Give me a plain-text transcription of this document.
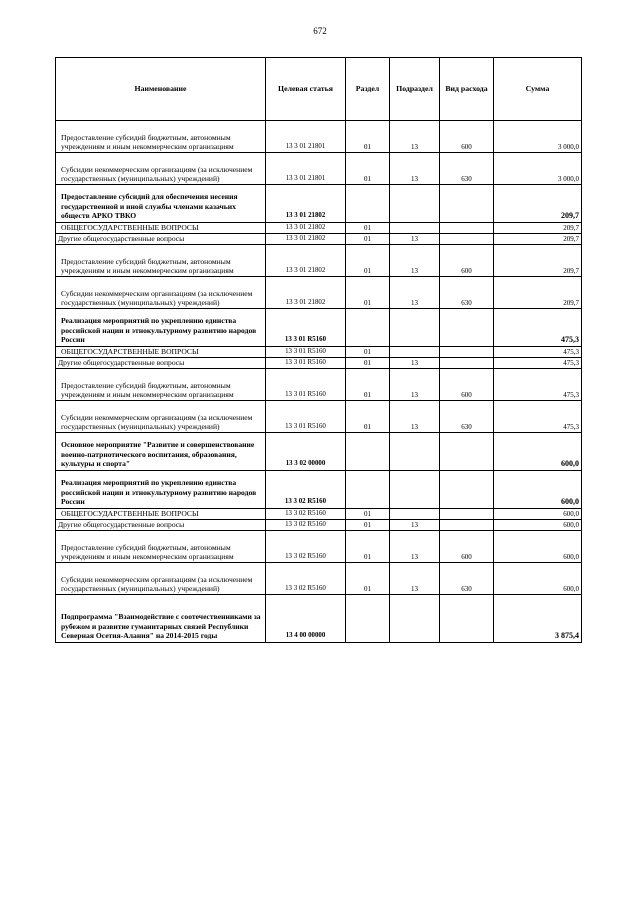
672
Наименование	Целевая статья	Раздел	Подраздел	Вид расхода	Сумма
Предоставление субсидий бюджетным, автономным учреждениям и иным некоммерческим организациям	13 3 01 21801	01	13	600	3 000,0
Субсидии некоммерческим организациям (за исключением государственных (муниципальных) учреждений)	13 3 01 21801	01	13	630	3 000,0
Предоставление субсидий для обеспечения несения государственной и иной службы членами казачьих обществ АРКО ТВКО	13 3 01 21802				209,7
ОБЩЕГОСУДАРСТВЕННЫЕ ВОПРОСЫ	13 3 01 21802	01			209,7
Другие общегосударственные вопросы	13 3 01 21802	01	13		209,7
Предоставление субсидий бюджетным, автономным учреждениям и иным некоммерческим организациям	13 3 01 21802	01	13	600	209,7
Субсидии некоммерческим организациям (за исключением государственных (муниципальных) учреждений)	13 3 01 21802	01	13	630	209,7
Реализация мероприятий по укреплению единства российской нации и этнокультурному развитию народов России	13 3 01 R5160				475,3
ОБЩЕГОСУДАРСТВЕННЫЕ ВОПРОСЫ	13 3 01 R5160	01			475,3
Другие общегосударственные вопросы	13 3 01 R5160	01	13		475,3
Предоставление субсидий бюджетным, автономным учреждениям и иным некоммерческим организациям	13 3 01 R5160	01	13	600	475,3
Субсидии некоммерческим организациям (за исключением государственных (муниципальных) учреждений)	13 3 01 R5160	01	13	630	475,3
Основное мероприятие "Развитие и совершенствование военно-патриотического воспитания, образования, культуры и спорта"	13 3 02 00000				600,0
Реализация мероприятий по укреплению единства российской нации и этнокультурному развитию народов России	13 3 02 R5160				600,0
ОБЩЕГОСУДАРСТВЕННЫЕ ВОПРОСЫ	13 3 02 R5160	01			600,0
Другие общегосударственные вопросы	13 3 02 R5160	01	13		600,0
Предоставление субсидий бюджетным, автономным учреждениям и иным некоммерческим организациям	13 3 02 R5160	01	13	600	600,0
Субсидии некоммерческим организациям (за исключением государственных (муниципальных) учреждений)	13 3 02 R5160	01	13	630	600,0
Подпрограмма "Взаимодействие с соотечественниками за рубежом и развитие гуманитарных связей Республики Северная Осетия-Алания" на 2014-2015 годы	13 4 00 00000				3 875,4
